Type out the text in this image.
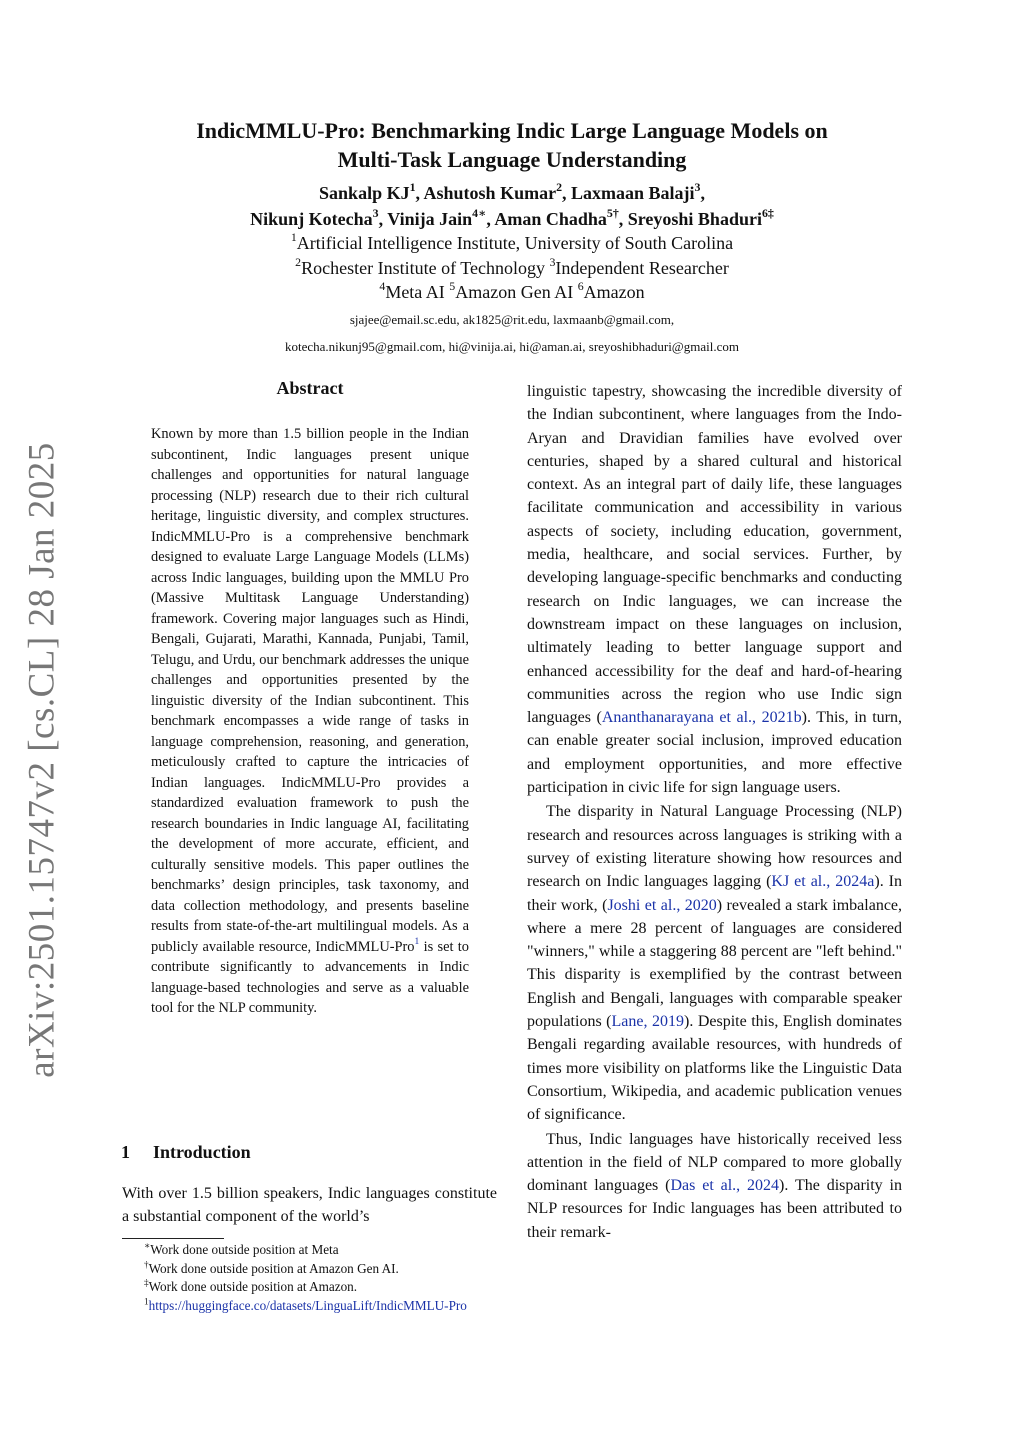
arXiv:2501.15747v2 [cs.CL] 28 Jan 2025
IndicMMLU-Pro: Benchmarking Indic Large Language Models on
Multi-Task Language Understanding
Sankalp $KJ^1$, Ashutosh Kumar$^2$, Laxmaan Balaji$^3$,
Nikunj Kotecha$^3$, Vinija Jain$^{4∗}$, Aman Chadha$^{5\dagger}$, Sreyoshi Bhaduri$^{6\ddagger}$
$^1$Artificial Intelligence Institute, University of South Carolina
$^2$Rochester Institute of Technology $^3$Independent Researcher
$^4$Meta AI $^5$Amazon Gen AI $^6$Amazon
sjajee@email.sc.edu, ak1825@rit.edu, laxmaanb@gmail.com,
kotecha.nikunj95@gmail.com, hi@vinija.ai, hi@aman.ai, sreyoshibhaduri@gmail.com
Abstract

Known by more than 1.5 billion people in the Indian subcontinent, Indic languages present unique challenges and opportunities for natural language processing (NLP) research due to their rich cultural heritage, linguistic diversity, and complex structures. IndicMMLU-Pro is a comprehensive benchmark designed to evaluate Large Language Models (LLMs) across Indic languages, building upon the MMLU Pro (Massive Multitask Language Understanding) framework. Covering major languages such as Hindi, Bengali, Gujarati, Marathi, Kannada, Punjabi, Tamil, Telugu, and Urdu, our benchmark addresses the unique challenges and opportunities presented by the linguistic diversity of the Indian subcontinent. This benchmark encompasses a wide range of tasks in language comprehension, reasoning, and generation, meticulously crafted to capture the intricacies of Indian languages. IndicMMLU-Pro provides a standardized evaluation framework to push the research boundaries in Indic language AI, facilitating the development of more accurate, efficient, and culturally sensitive models. This paper outlines the benchmarks’ design principles, task taxonomy, and data collection methodology, and presents baseline results from state-of-the-art multilingual models. As a publicly available resource, IndicMMLU-Pro$^1$ is set to contribute significantly to advancements in Indic language-based technologies and serve as a valuable tool for the NLP community.

1 Introduction

With over 1.5 billion speakers, Indic languages constitute a substantial component of the world’s

∗Work done outside position at Meta
†Work done outside position at Amazon Gen AI.
‡Work done outside position at Amazon.
$^1$https://huggingface.co/datasets/LinguaLift/IndicMMLU-Pro

linguistic tapestry, showcasing the incredible diversity of the Indian subcontinent, where languages from the Indo-Aryan and Dravidian families have evolved over centuries, shaped by a shared cultural and historical context. As an integral part of daily life, these languages facilitate communication and accessibility in various aspects of society, including education, government, media, healthcare, and social services. Further, by developing language-specific benchmarks and conducting research on Indic languages, we can increase the downstream impact on these languages on inclusion, ultimately leading to better language support and enhanced accessibility for the deaf and hard-of-hearing communities across the region who use Indic sign languages (Ananthanarayana et al., 2021b). This, in turn, can enable greater social inclusion, improved education and employment opportunities, and more effective participation in civic life for sign language users.

The disparity in Natural Language Processing (NLP) research and resources across languages is striking with a survey of existing literature showing how resources and research on Indic languages lagging (KJ et al., 2024a). In their work, (Joshi et al., 2020) revealed a stark imbalance, where a mere 28 percent of languages are considered "winners," while a staggering 88 percent are "left behind." This disparity is exemplified by the contrast between English and Bengali, languages with comparable speaker populations (Lane, 2019). Despite this, English dominates Bengali regarding available resources, with hundreds of times more visibility on platforms like the Linguistic Data Consortium, Wikipedia, and academic publication venues of significance.

Thus, Indic languages have historically received less attention in the field of NLP compared to more globally dominant languages (Das et al., 2024). The disparity in NLP resources for Indic languages has been attributed to their remark-
